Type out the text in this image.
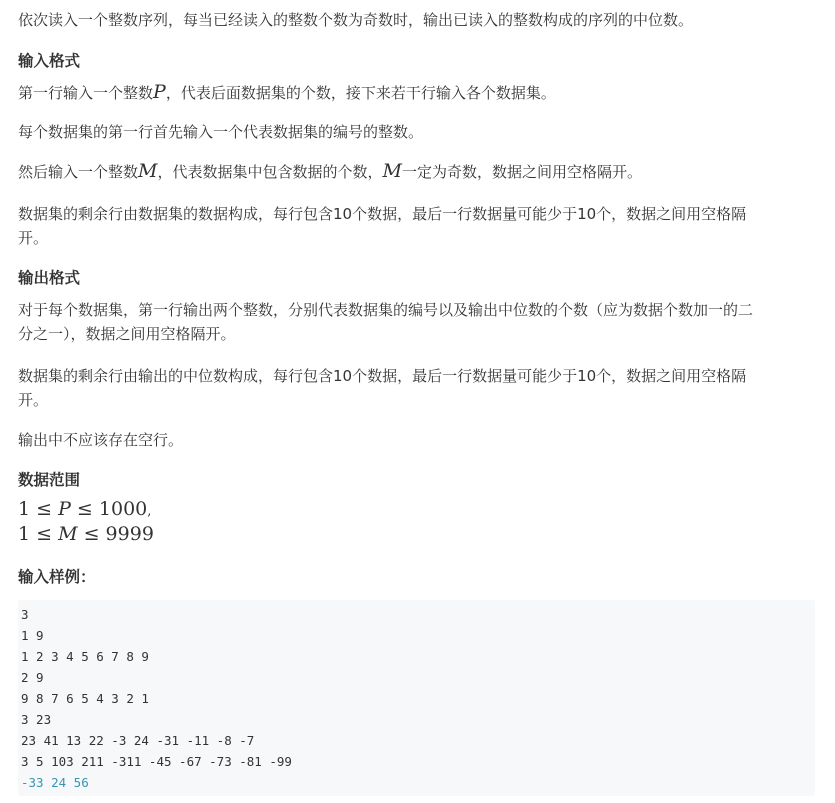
依次读入一个整数序列，每当已经读入的整数个数为奇数时，输出已读入的整数构成的序列的中位数。

输入格式

第一行输入一个整数P，代表后面数据集的个数，接下来若干行输入各个数据集。

每个数据集的第一行首先输入一个代表数据集的编号的整数。

然后输入一个整数M，代表数据集中包含数据的个数，M一定为奇数，数据之间用空格隔开。

数据集的剩余行由数据集的数据构成，每行包含10个数据，最后一行数据量可能少于10个，数据之间用空格隔

开。

输出格式

对于每个数据集，第一行输出两个整数，分别代表数据集的编号以及输出中位数的个数（应为数据个数加一的二

分之一），数据之间用空格隔开。

数据集的剩余行由输出的中位数构成，每行包含10个数据，最后一行数据量可能少于10个，数据之间用空格隔

开。

输出中不应该存在空行。

数据范围

1 ≤ P ≤ 1000,

1 ≤ M ≤ 9999

输入样例：

3
1 9
1 2 3 4 5 6 7 8 9
2 9
9 8 7 6 5 4 3 2 1
3 23
23 41 13 22 -3 24 -31 -11 -8 -7
3 5 103 211 -311 -45 -67 -73 -81 -99
-33 24 56
